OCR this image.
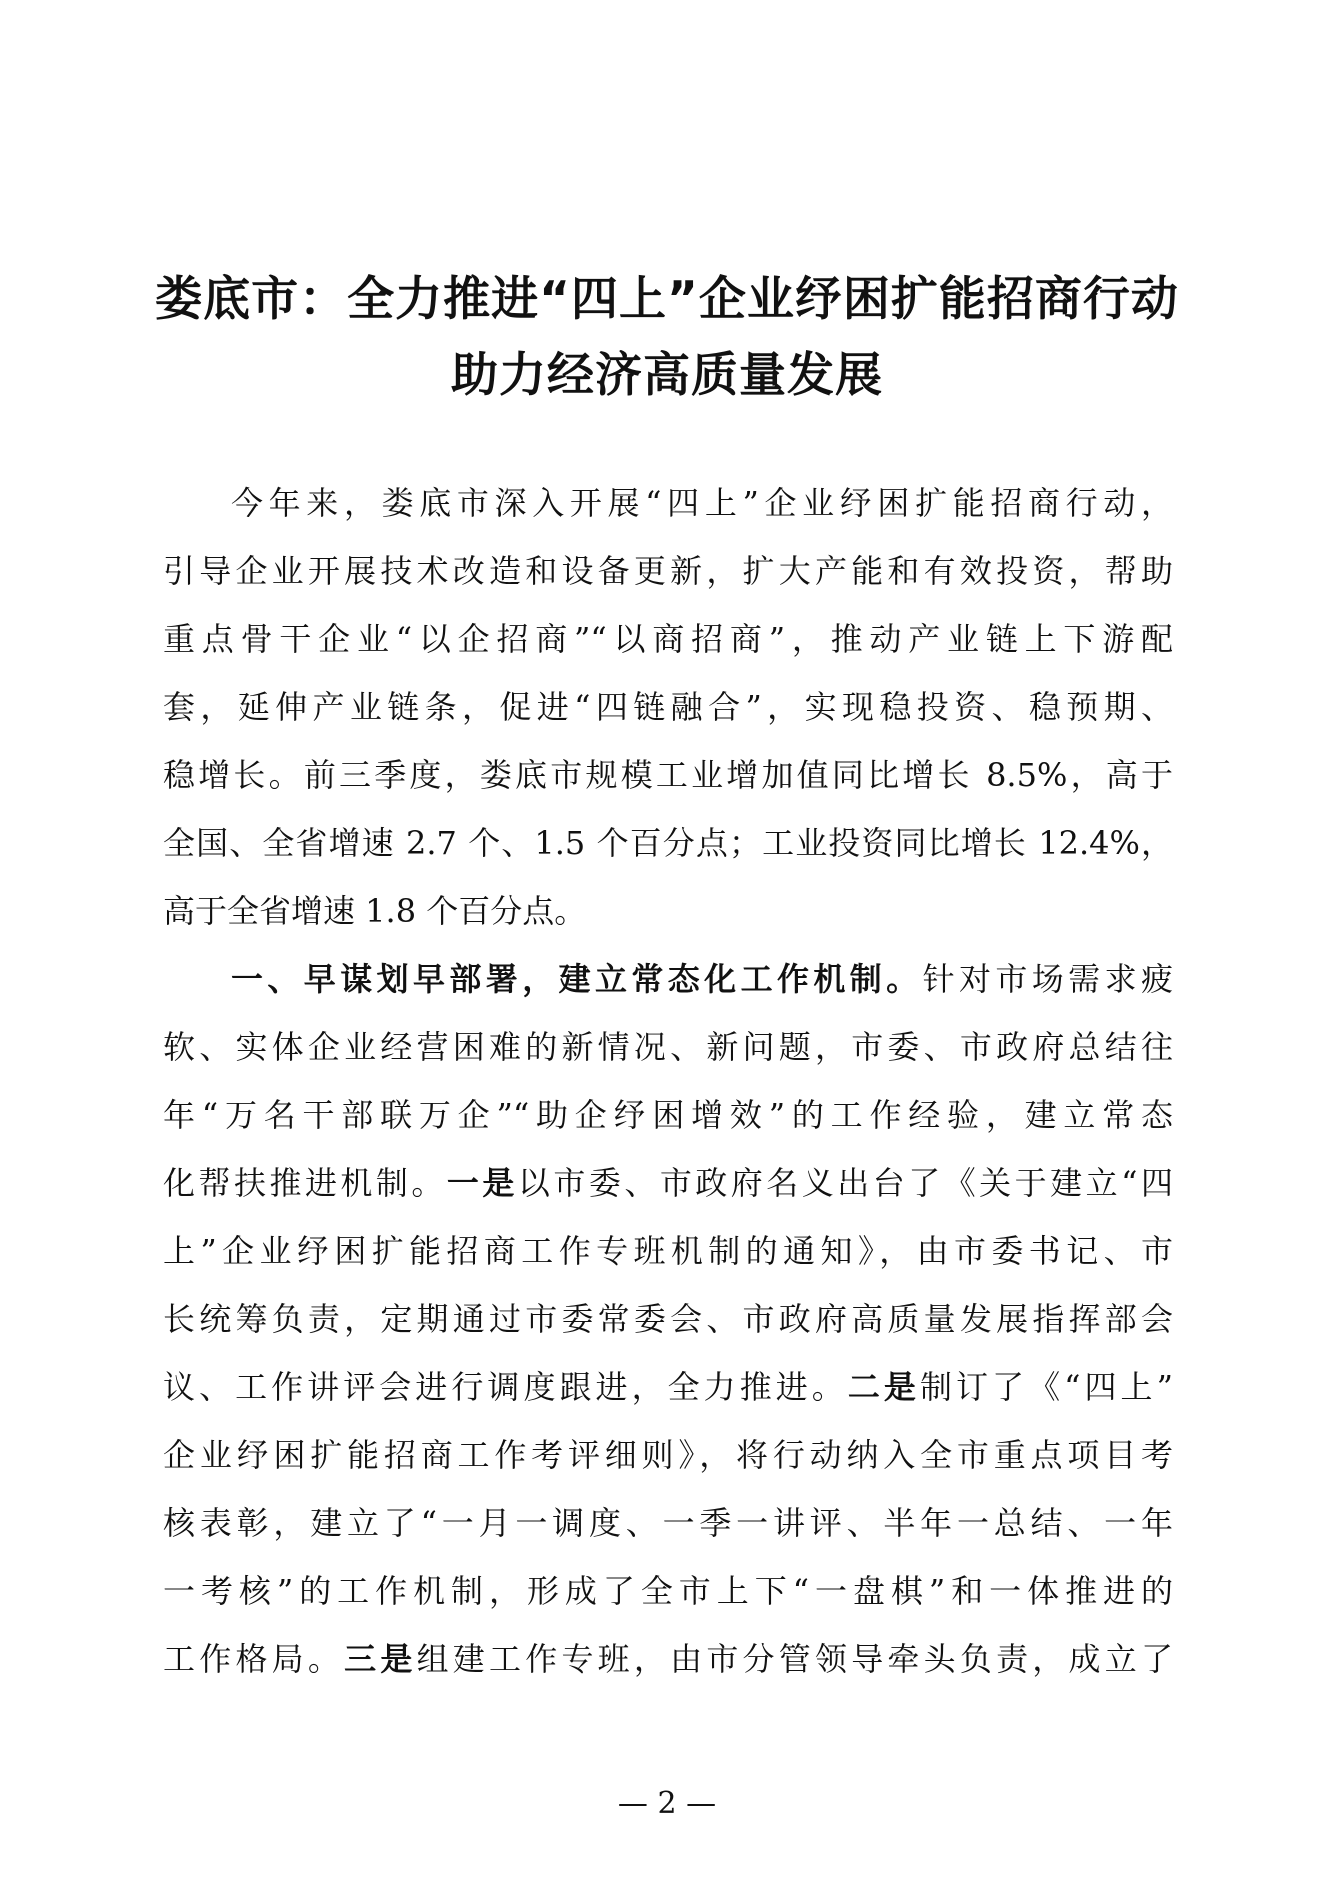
娄底市：全力推进“四上”企业纾困扩能招商行动
助力经济高质量发展
今年来，娄底市深入开展“四上”企业纾困扩能招商行动，
引导企业开展技术改造和设备更新，扩大产能和有效投资，帮助
重点骨干企业“以企招商”“以商招商”，推动产业链上下游配
套，延伸产业链条，促进“四链融合”，实现稳投资、稳预期、
稳增长。前三季度，娄底市规模工业增加值同比增长 8.5%，高于
全国、全省增速 2.7 个、1.5 个百分点；工业投资同比增长 12.4%，
高于全省增速 1.8 个百分点。
一、早谋划早部署，建立常态化工作机制。针对市场需求疲
软、实体企业经营困难的新情况、新问题，市委、市政府总结往
年“万名干部联万企”“助企纾困增效”的工作经验，建立常态
化帮扶推进机制。一是以市委、市政府名义出台了《关于建立“四
上”企业纾困扩能招商工作专班机制的通知》，由市委书记、市
长统筹负责，定期通过市委常委会、市政府高质量发展指挥部会
议、工作讲评会进行调度跟进，全力推进。二是制订了《“四上”
企业纾困扩能招商工作考评细则》，将行动纳入全市重点项目考
核表彰，建立了“一月一调度、一季一讲评、半年一总结、一年
一考核”的工作机制，形成了全市上下“一盘棋”和一体推进的
工作格局。三是组建工作专班，由市分管领导牵头负责，成立了
— 2 —
